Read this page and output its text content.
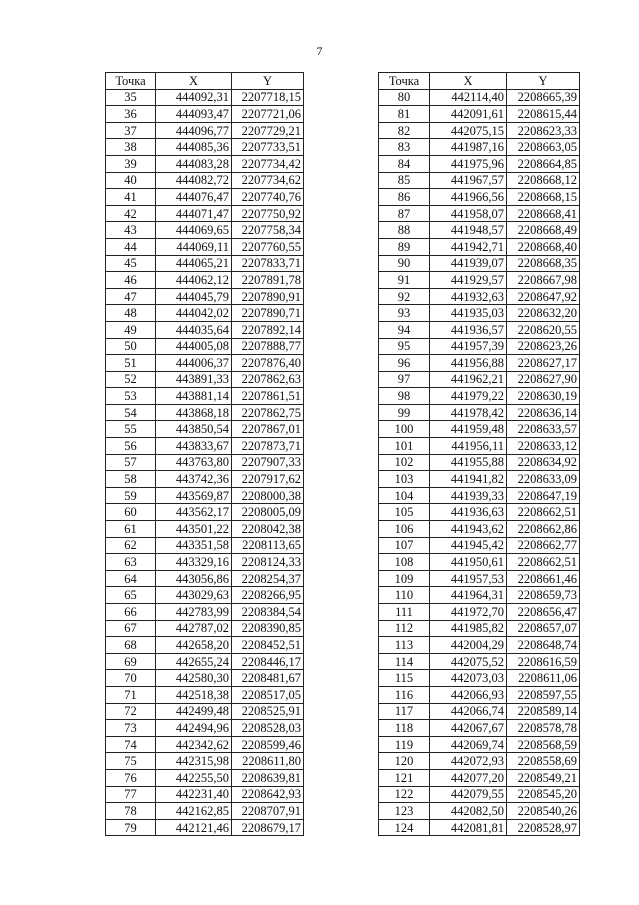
7
Точка	X	Y
35	444092,31	2207718,15
36	444093,47	2207721,06
37	444096,77	2207729,21
38	444085,36	2207733,51
39	444083,28	2207734,42
40	444082,72	2207734,62
41	444076,47	2207740,76
42	444071,47	2207750,92
43	444069,65	2207758,34
44	444069,11	2207760,55
45	444065,21	2207833,71
46	444062,12	2207891,78
47	444045,79	2207890,91
48	444042,02	2207890,71
49	444035,64	2207892,14
50	444005,08	2207888,77
51	444006,37	2207876,40
52	443891,33	2207862,63
53	443881,14	2207861,51
54	443868,18	2207862,75
55	443850,54	2207867,01
56	443833,67	2207873,71
57	443763,80	2207907,33
58	443742,36	2207917,62
59	443569,87	2208000,38
60	443562,17	2208005,09
61	443501,22	2208042,38
62	443351,58	2208113,65
63	443329,16	2208124,33
64	443056,86	2208254,37
65	443029,63	2208266,95
66	442783,99	2208384,54
67	442787,02	2208390,85
68	442658,20	2208452,51
69	442655,24	2208446,17
70	442580,30	2208481,67
71	442518,38	2208517,05
72	442499,48	2208525,91
73	442494,96	2208528,03
74	442342,62	2208599,46
75	442315,98	2208611,80
76	442255,50	2208639,81
77	442231,40	2208642,93
78	442162,85	2208707,91
79	442121,46	2208679,17
Точка	X	Y
80	442114,40	2208665,39
81	442091,61	2208615,44
82	442075,15	2208623,33
83	441987,16	2208663,05
84	441975,96	2208664,85
85	441967,57	2208668,12
86	441966,56	2208668,15
87	441958,07	2208668,41
88	441948,57	2208668,49
89	441942,71	2208668,40
90	441939,07	2208668,35
91	441929,57	2208667,98
92	441932,63	2208647,92
93	441935,03	2208632,20
94	441936,57	2208620,55
95	441957,39	2208623,26
96	441956,88	2208627,17
97	441962,21	2208627,90
98	441979,22	2208630,19
99	441978,42	2208636,14
100	441959,48	2208633,57
101	441956,11	2208633,12
102	441955,88	2208634,92
103	441941,82	2208633,09
104	441939,33	2208647,19
105	441936,63	2208662,51
106	441943,62	2208662,86
107	441945,42	2208662,77
108	441950,61	2208662,51
109	441957,53	2208661,46
110	441964,31	2208659,73
111	441972,70	2208656,47
112	441985,82	2208657,07
113	442004,29	2208648,74
114	442075,52	2208616,59
115	442073,03	2208611,06
116	442066,93	2208597,55
117	442066,74	2208589,14
118	442067,67	2208578,78
119	442069,74	2208568,59
120	442072,93	2208558,69
121	442077,20	2208549,21
122	442079,55	2208545,20
123	442082,50	2208540,26
124	442081,81	2208528,97
